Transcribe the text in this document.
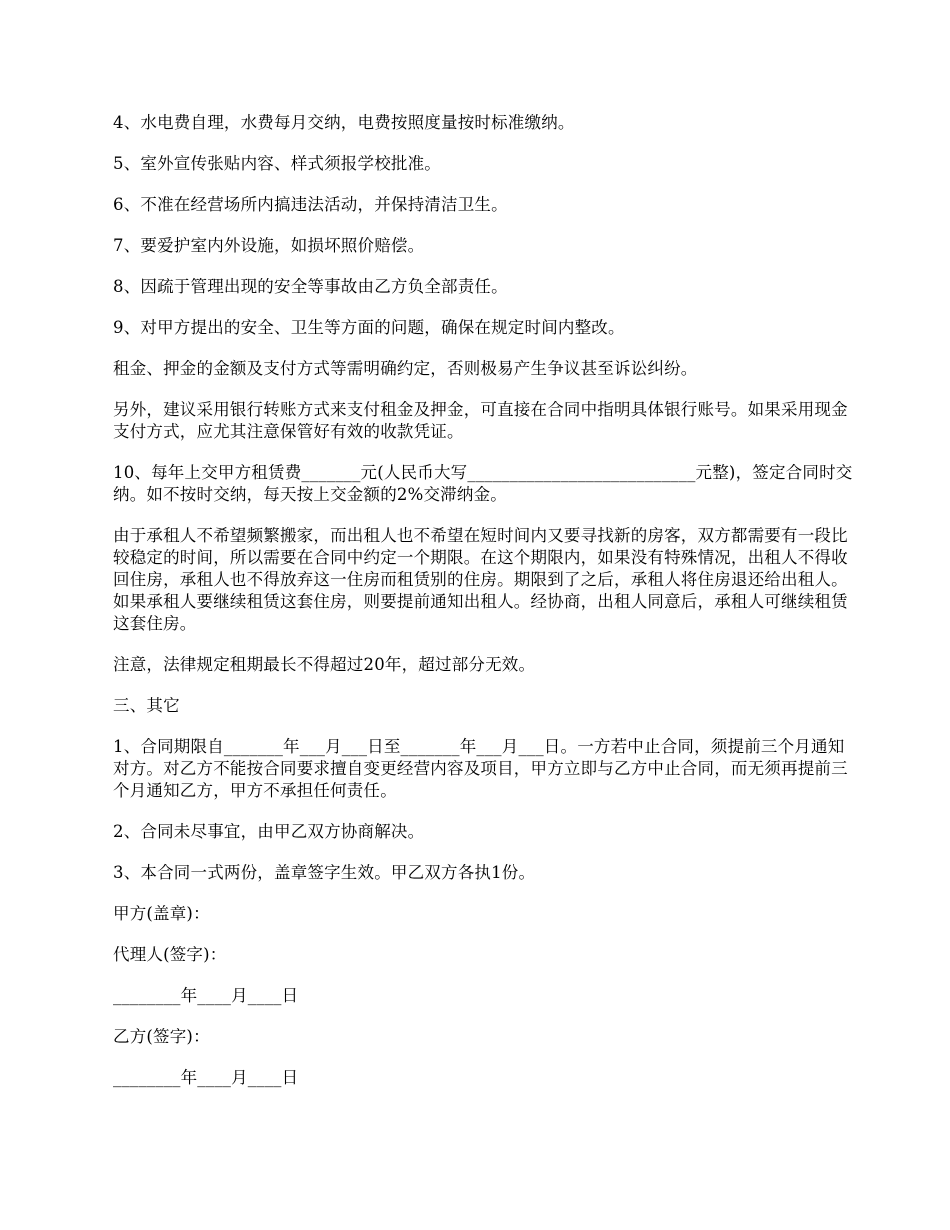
4、水电费自理，水费每月交纳，电费按照度量按时标准缴纳。

5、室外宣传张贴内容、样式须报学校批准。

6、不准在经营场所内搞违法活动，并保持清洁卫生。

7、要爱护室内外设施，如损坏照价赔偿。

8、因疏于管理出现的安全等事故由乙方负全部责任。

9、对甲方提出的安全、卫生等方面的问题，确保在规定时间内整改。

租金、押金的金额及支付方式等需明确约定，否则极易产生争议甚至诉讼纠纷。

另外，建议采用银行转账方式来支付租金及押金，可直接在合同中指明具体银行账号。如果采用现金支付方式，应尤其注意保管好有效的收款凭证。

10、每年上交甲方租赁费_______元(人民币大写___________________________元整)，签定合同时交纳。如不按时交纳，每天按上交金额的2%交滞纳金。

由于承租人不希望频繁搬家，而出租人也不希望在短时间内又要寻找新的房客，双方都需要有一段比较稳定的时间，所以需要在合同中约定一个期限。在这个期限内，如果没有特殊情况，出租人不得收回住房，承租人也不得放弃这一住房而租赁别的住房。期限到了之后，承租人将住房退还给出租人。如果承租人要继续租赁这套住房，则要提前通知出租人。经协商，出租人同意后，承租人可继续租赁这套住房。

注意，法律规定租期最长不得超过20年，超过部分无效。

三、其它

1、合同期限自_______年___月___日至_______年___月___日。一方若中止合同，须提前三个月通知对方。对乙方不能按合同要求擅自变更经营内容及项目，甲方立即与乙方中止合同，而无须再提前三个月通知乙方，甲方不承担任何责任。

2、合同未尽事宜，由甲乙双方协商解决。

3、本合同一式两份，盖章签字生效。甲乙双方各执1份。

甲方(盖章)：

代理人(签字)：

________年____月____日

乙方(签字)：

________年____月____日
